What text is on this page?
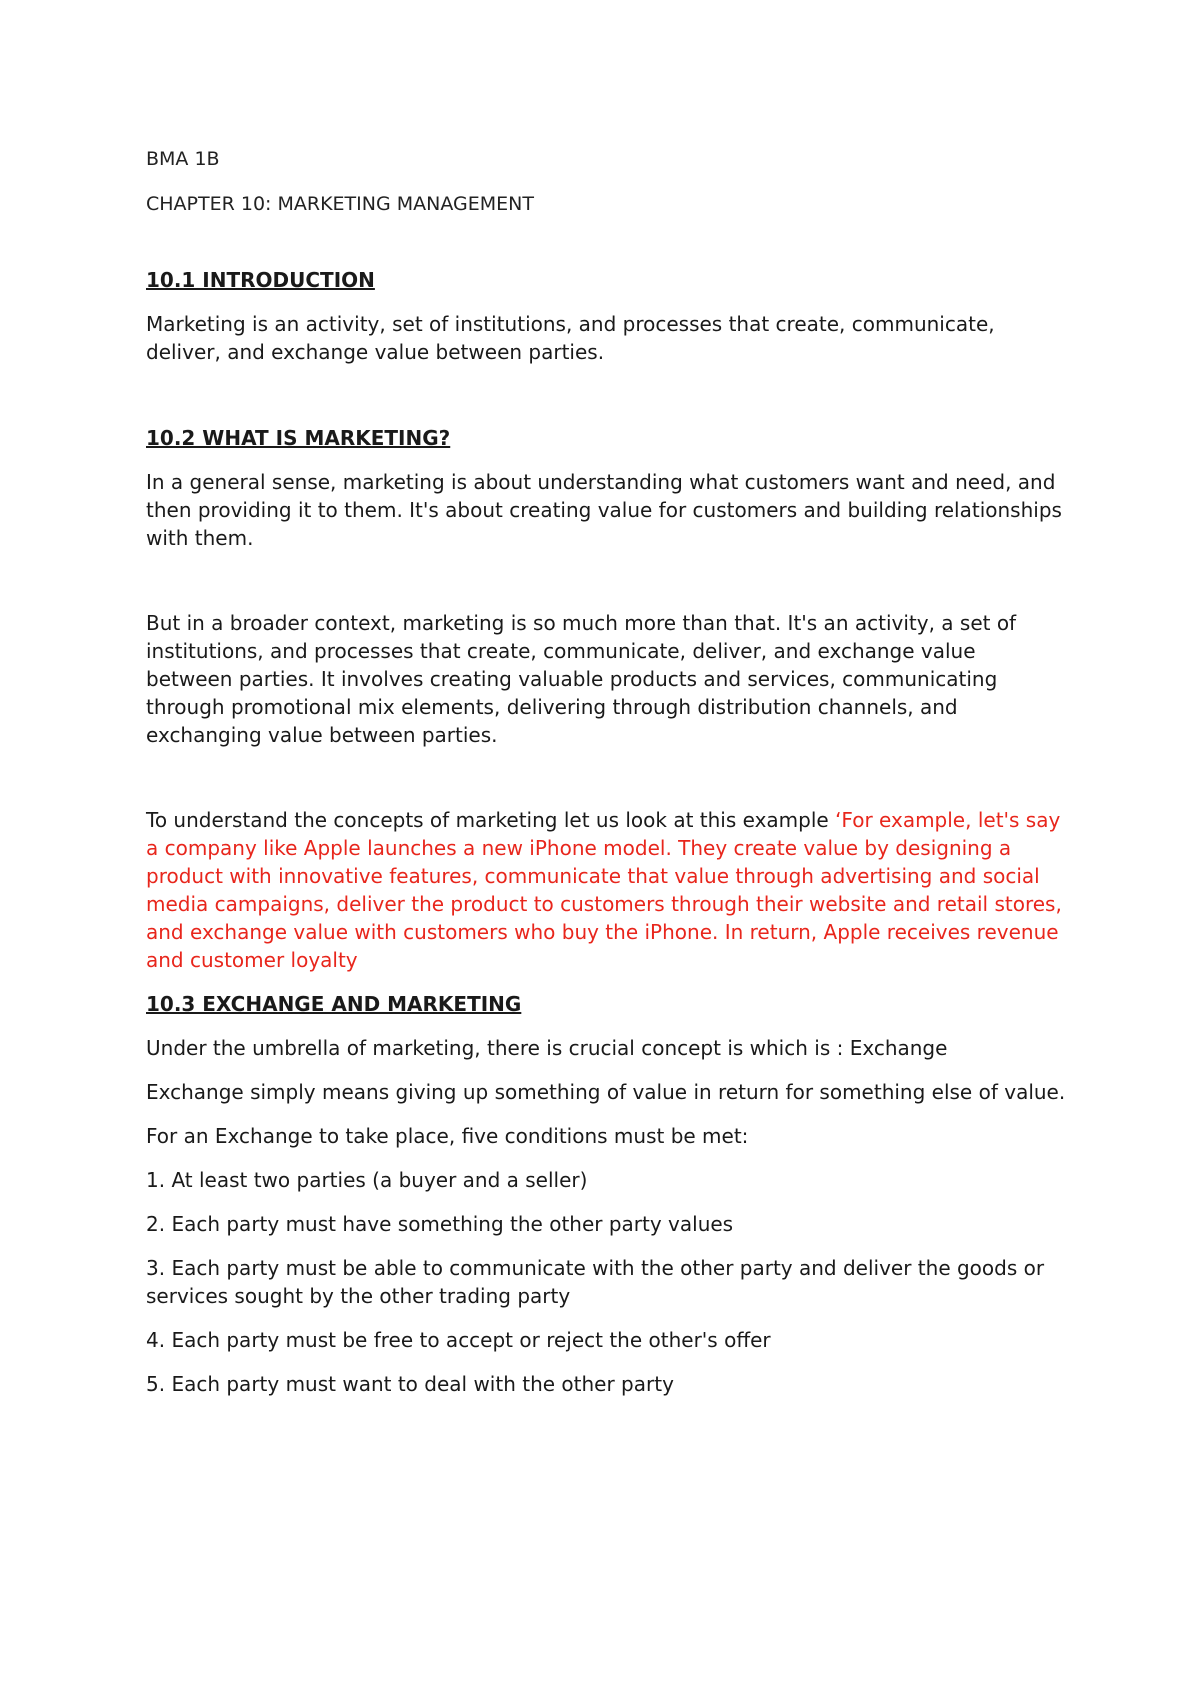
BMA 1B

CHAPTER 10: MARKETING MANAGEMENT

10.1 INTRODUCTION

Marketing is an activity, set of institutions, and processes that create, communicate, deliver, and exchange value between parties.

10.2 WHAT IS MARKETING?

In a general sense, marketing is about understanding what customers want and need, and then providing it to them. It's about creating value for customers and building relationships with them.

But in a broader context, marketing is so much more than that. It's an activity, a set of institutions, and processes that create, communicate, deliver, and exchange value between parties. It involves creating valuable products and services, communicating through promotional mix elements, delivering through distribution channels, and exchanging value between parties.

To understand the concepts of marketing let us look at this example ‘For example, let's say a company like Apple launches a new iPhone model. They create value by designing a product with innovative features, communicate that value through advertising and social media campaigns, deliver the product to customers through their website and retail stores, and exchange value with customers who buy the iPhone. In return, Apple receives revenue and customer loyalty

10.3 EXCHANGE AND MARKETING

Under the umbrella of marketing, there is crucial concept is which is : Exchange

Exchange simply means giving up something of value in return for something else of value.

For an Exchange to take place, five conditions must be met:

1. At least two parties (a buyer and a seller)
2. Each party must have something the other party values
3. Each party must be able to communicate with the other party and deliver the goods or services sought by the other trading party
4. Each party must be free to accept or reject the other's offer
5. Each party must want to deal with the other party
